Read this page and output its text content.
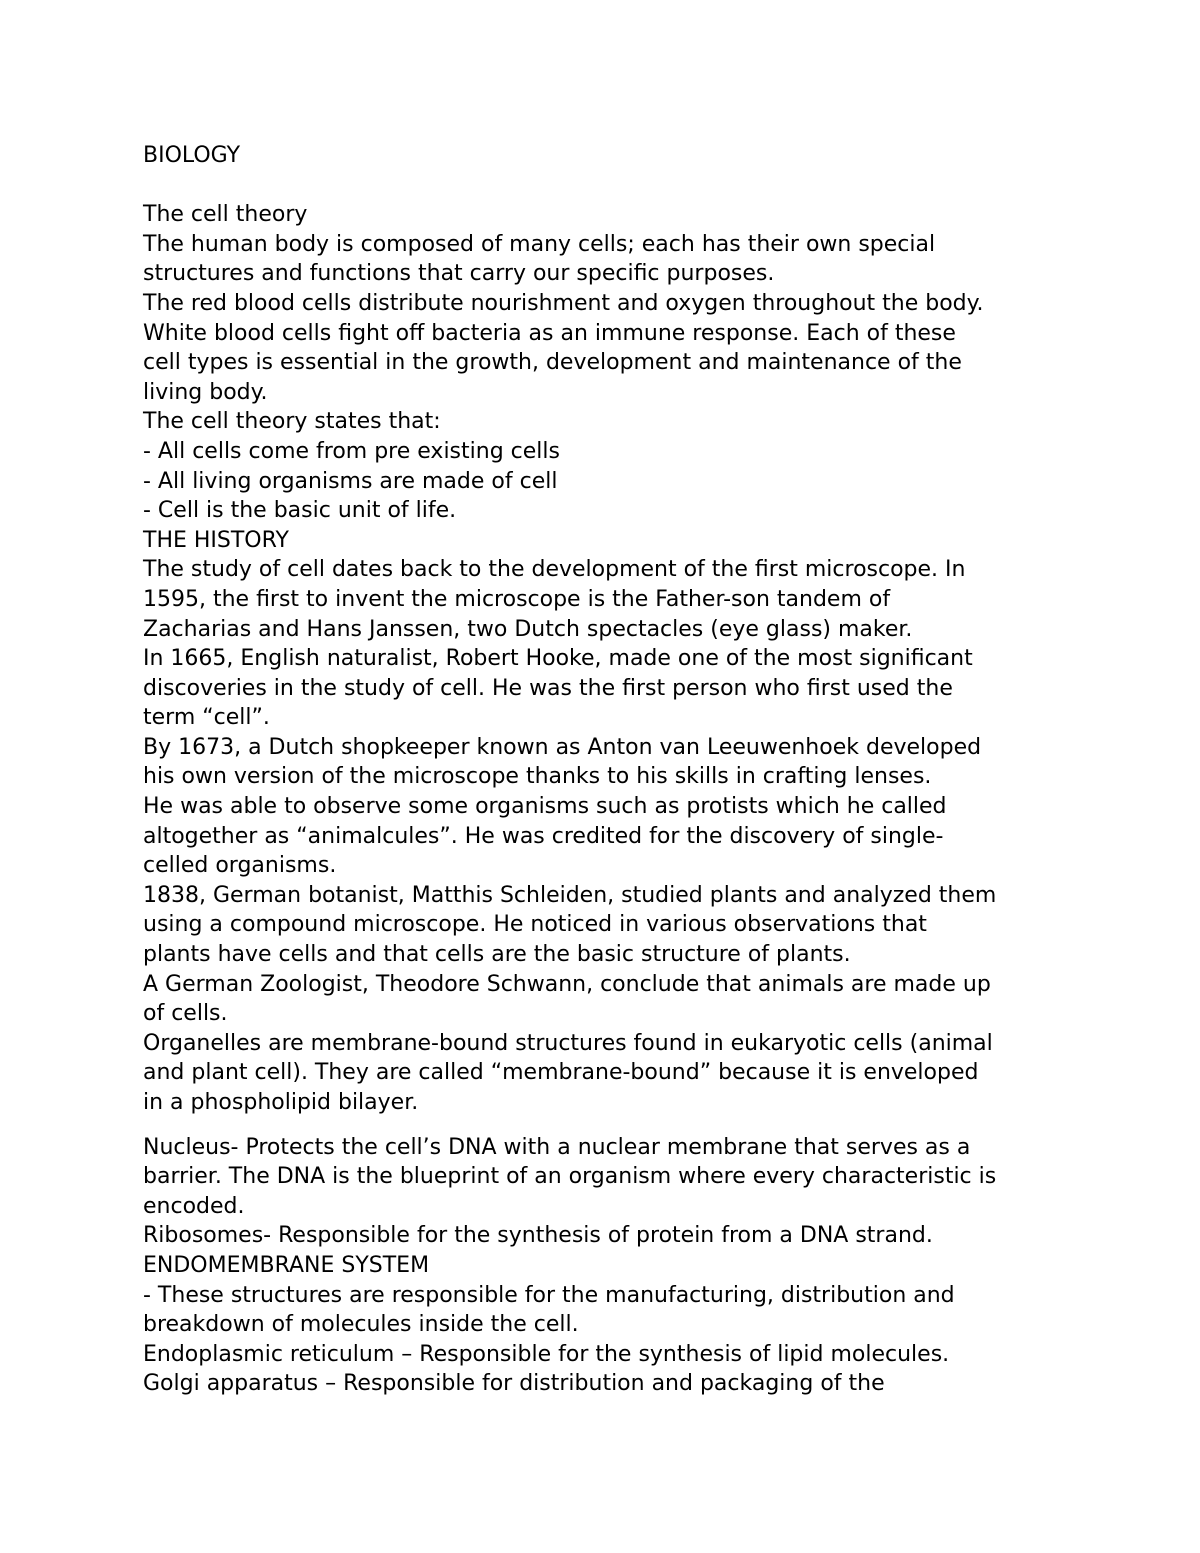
BIOLOGY
The cell theory
The human body is composed of many cells; each has their own special
structures and functions that carry our specific purposes.
The red blood cells distribute nourishment and oxygen throughout the body.
White blood cells fight off bacteria as an immune response. Each of these
cell types is essential in the growth, development and maintenance of the
living body.
The cell theory states that:
- All cells come from pre existing cells
- All living organisms are made of cell
- Cell is the basic unit of life.
THE HISTORY
The study of cell dates back to the development of the first microscope. In
1595, the first to invent the microscope is the Father-son tandem of
Zacharias and Hans Janssen, two Dutch spectacles (eye glass) maker.
In 1665, English naturalist, Robert Hooke, made one of the most significant
discoveries in the study of cell. He was the first person who first used the
term “cell”.
By 1673, a Dutch shopkeeper known as Anton van Leeuwenhoek developed
his own version of the microscope thanks to his skills in crafting lenses.
He was able to observe some organisms such as protists which he called
altogether as “animalcules”. He was credited for the discovery of single-
celled organisms.
1838, German botanist, Matthis Schleiden, studied plants and analyzed them
using a compound microscope. He noticed in various observations that
plants have cells and that cells are the basic structure of plants.
A German Zoologist, Theodore Schwann, conclude that animals are made up
of cells.
Organelles are membrane-bound structures found in eukaryotic cells (animal
and plant cell). They are called “membrane-bound” because it is enveloped
in a phospholipid bilayer.
Nucleus- Protects the cell’s DNA with a nuclear membrane that serves as a
barrier. The DNA is the blueprint of an organism where every characteristic is
encoded.
Ribosomes- Responsible for the synthesis of protein from a DNA strand.
ENDOMEMBRANE SYSTEM
- These structures are responsible for the manufacturing, distribution and
breakdown of molecules inside the cell.
Endoplasmic reticulum – Responsible for the synthesis of lipid molecules.
Golgi apparatus – Responsible for distribution and packaging of the
